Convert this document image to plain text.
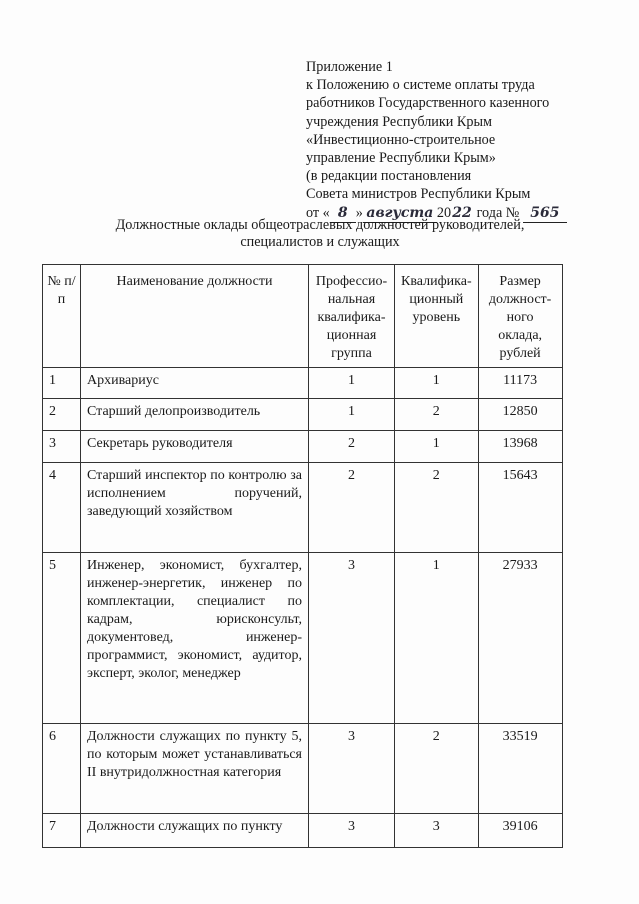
Приложение 1
к Положению о системе оплаты труда
работников Государственного казенного
учреждения Республики Крым
«Инвестиционно-строительное
управление Республики Крым»
(в редакции постановления
Совета министров Республики Крым
от « 8 » августа 2022 года № 565
Должностные оклады общеотраслевых должностей руководителей,
специалистов и служащих
№ п/п	Наименование должности	Профессио-нальная квалифика-ционная группа	Квалифика-ционный уровень	Размер должност-ного оклада, рублей
1	Архивариус	1	1	11173
2	Старший делопроизводитель	1	2	12850
3	Секретарь руководителя	2	1	13968
4	Старший инспектор по контролю за исполнением поручений, заведующий хозяйством	2	2	15643
5	Инженер, экономист, бухгалтер, инженер-энергетик, инженер по комплектации, специалист по кадрам, юрисконсульт, документовед, инженер-программист, экономист, аудитор, эксперт, эколог, менеджер	3	1	27933
6	Должности служащих по пункту 5, по которым может устанавливаться II внутридолжностная категория	3	2	33519
7	Должности служащих по пункту	3	3	39106
